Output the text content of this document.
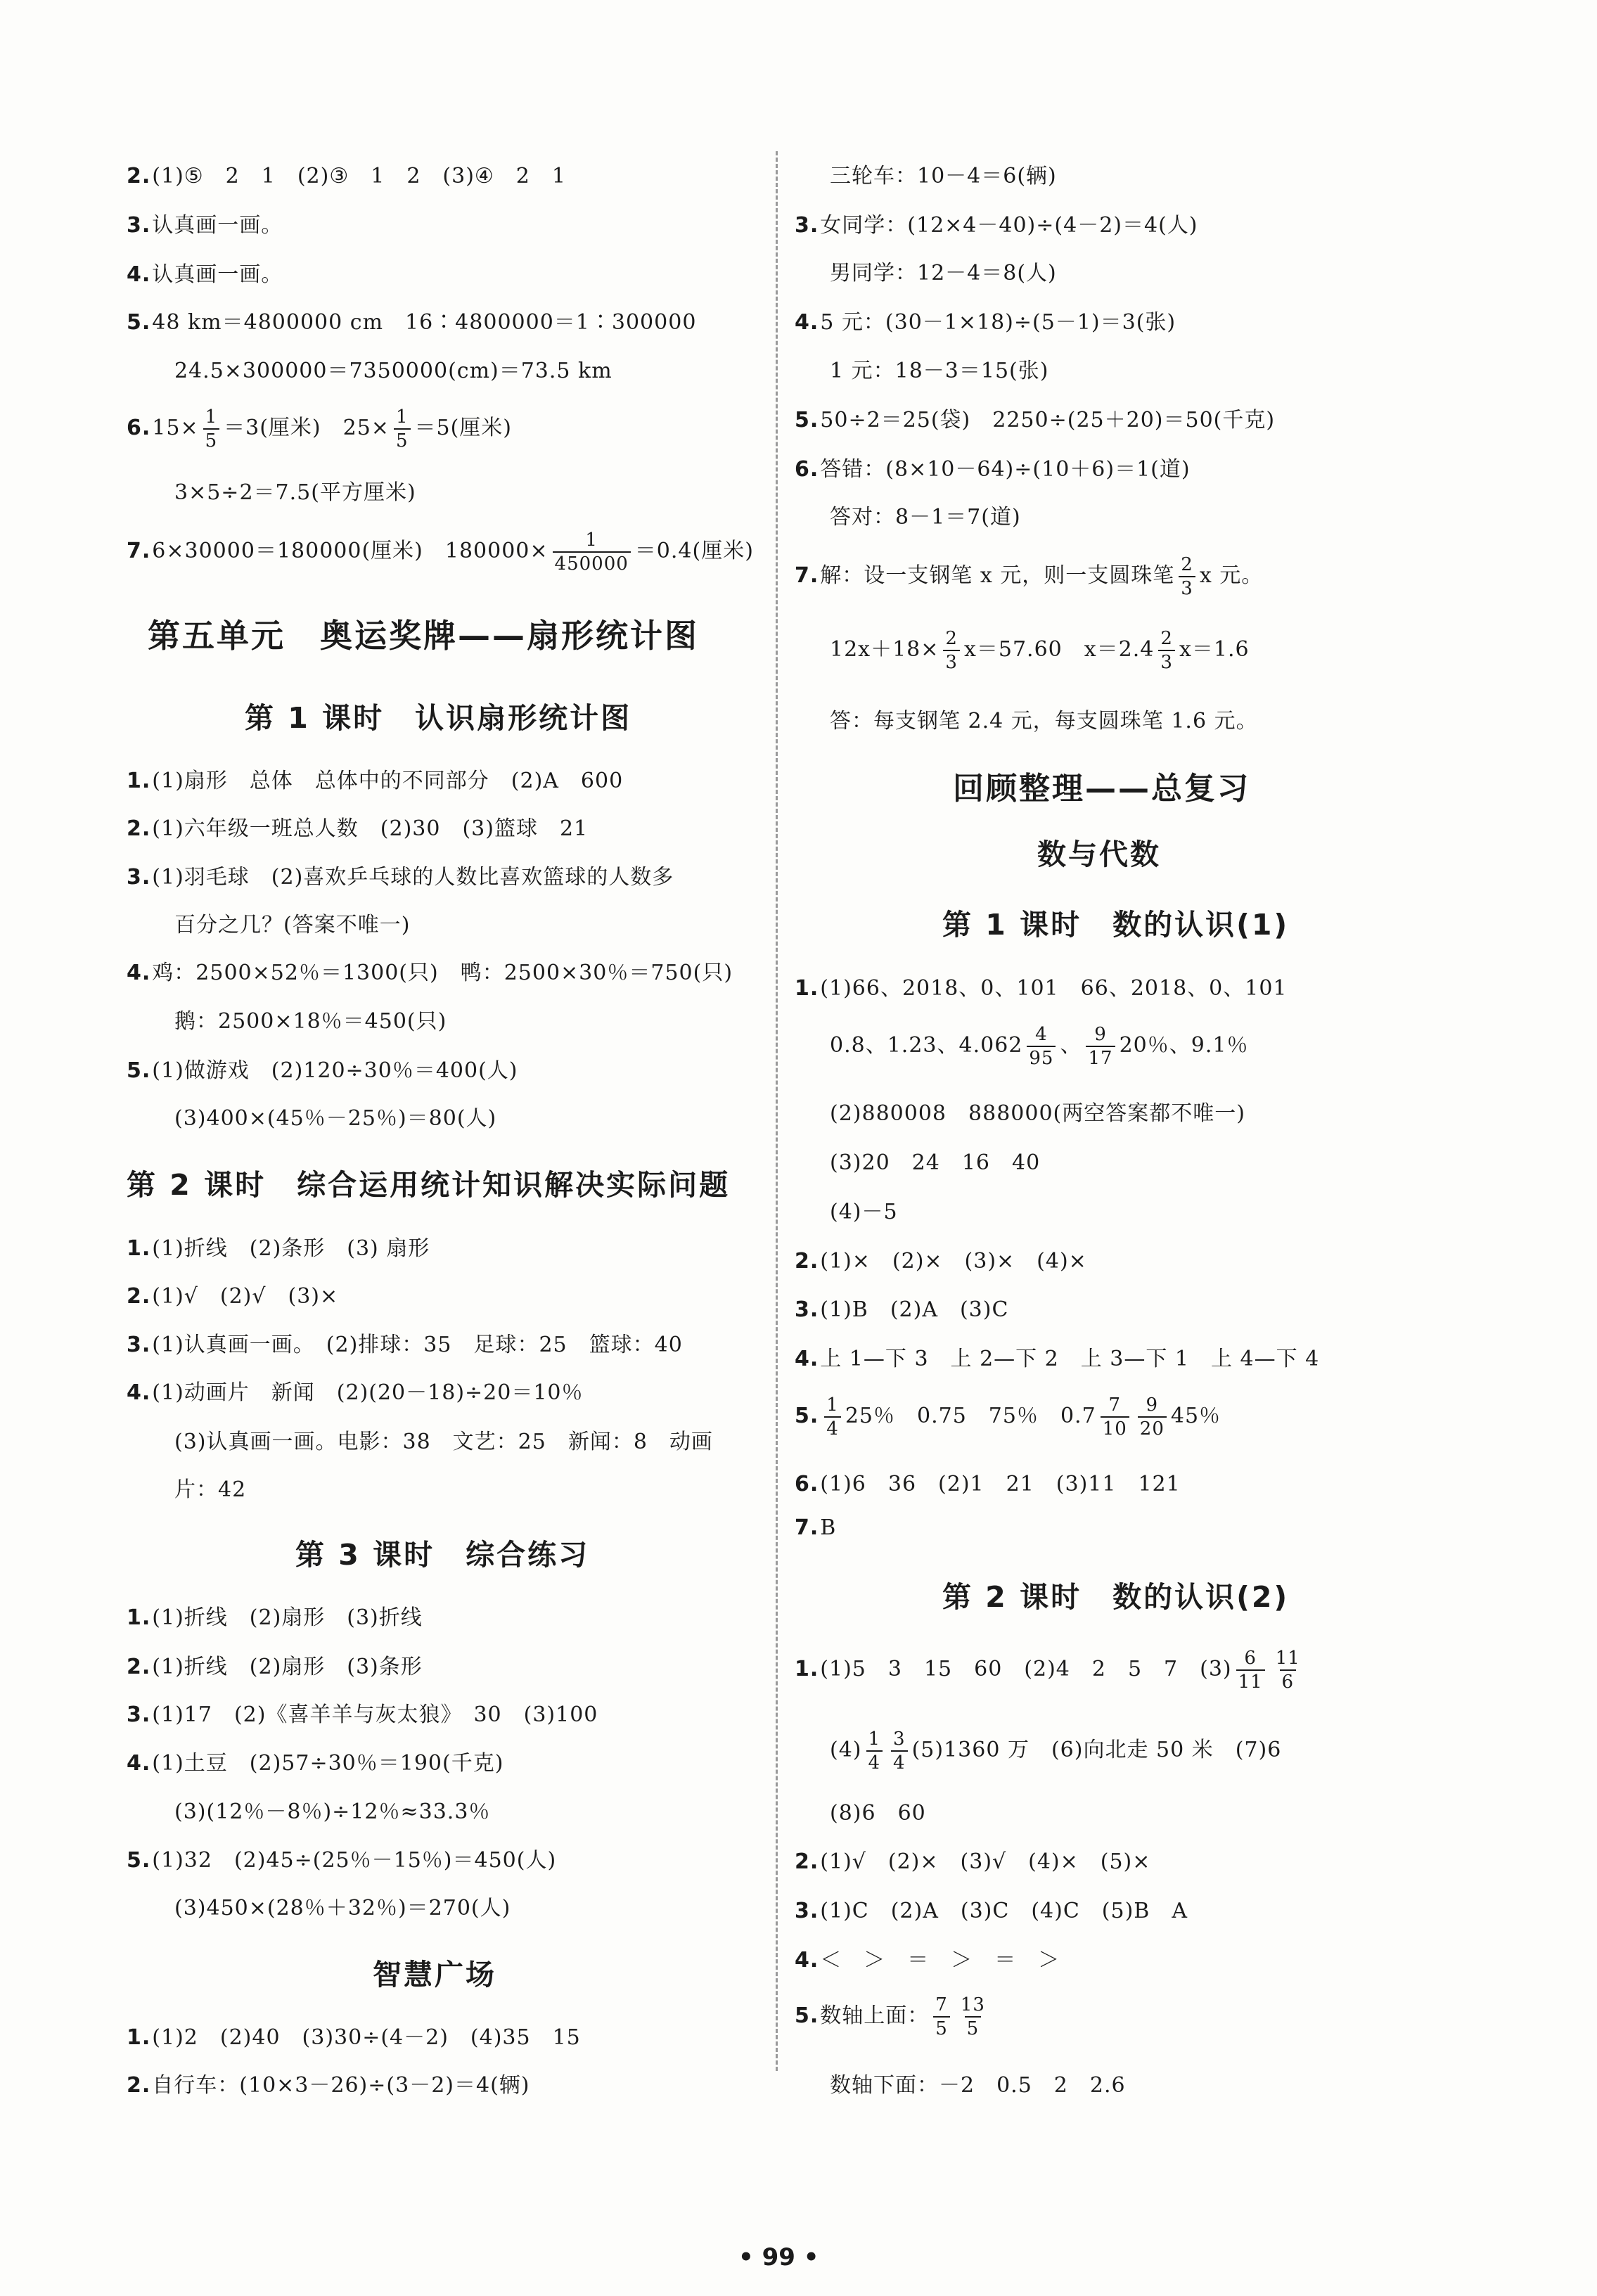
2.(1)⑤　2　1　(2)③　1　2　(3)④　2　1
3.认真画一画。
4.认真画一画。
5.48 km＝4800000 cm　16∶4800000＝1∶300000
24.5×300000＝7350000(cm)＝73.5 km
$6.15\times \frac{1}{5} =3$(厘米)　$25\times \frac{1}{5} =5$(厘米)
3×5÷2＝7.5(平方厘米)
7.6×30000＝180000(厘米)　$180000\times \frac{1}{450000} =0.4$(厘米)
第五单元　奥运奖牌——扇形统计图
第 1 课时　认识扇形统计图
1.(1)扇形　总体　总体中的不同部分　(2)A　600
2.(1)六年级一班总人数　(2)30　(3)篮球　21
3.(1)羽毛球　(2)喜欢乒乓球的人数比喜欢篮球的人数多
百分之几？(答案不唯一)
4.鸡：2500×52％＝1300(只)　鸭：2500×30％＝750(只)
鹅：2500×18％＝450(只)
5.(1)做游戏　(2)120÷30％＝400(人)
(3)400×(45％－25％)＝80(人)
第 2 课时　综合运用统计知识解决实际问题
1.(1)折线　(2)条形　(3) 扇形
2.(1)√　(2)√　(3)×
3.(1)认真画一画。　(2)排球：35　足球：25　篮球：40
4.(1)动画片　新闻　(2)(20－18)÷20＝10％
(3)认真画一画。电影：38　文艺：25　新闻：8　动画
片：42
第 3 课时　综合练习
1.(1)折线　(2)扇形　(3)折线
2.(1)折线　(2)扇形　(3)条形
3.(1)17　(2)《喜羊羊与灰太狼》　30　(3)100
4.(1)土豆　(2)57÷30％＝190(千克)
(3)(12％－8％)÷12％≈33.3％
5.(1)32　(2)45÷(25％－15％)＝450(人)
(3)450×(28％＋32％)＝270(人)
智慧广场
1.(1)2　(2)40　(3)30÷(4－2)　(4)35　15
2.自行车：(10×3－26)÷(3－2)＝4(辆)
三轮车：10－4＝6(辆)
3.女同学：(12×4－40)÷(4－2)＝4(人)
男同学：12－4＝8(人)
4.5 元：(30－1×18)÷(5－1)＝3(张)
1 元：18－3＝15(张)
5.50÷2＝25(袋)　2250÷(25＋20)＝50(千克)
6.答错：(8×10－64)÷(10＋6)＝1(道)
答对：8－1＝7(道)
7.解：设一支钢笔 x 元，则一支圆珠笔 $\frac{2}{3}$ x 元。
$12x+18\times \frac{2}{3} x=57.60$　$x=2.4 \frac{2}{3} x=1.6$
答：每支钢笔 2.4 元，每支圆珠笔 1.6 元。
回顾整理——总复习
数与代数
第 1 课时　数的认识(1)
1.(1)66、2018、0、101　66、2018、0、101
0.8、1.23、$4.062 \frac{4}{95}$ 、 $\frac{9}{17} 20$％、9.1％
(2)880008　888000(两空答案都不唯一)
(3)20　24　16　40
(4)－5
2.(1)×　(2)×　(3)×　(4)×
3.(1)B　(2)A　(3)C
4.上 1—下 3　上 2—下 2　上 3—下 1　上 4—下 4
5. $\frac{1}{4} 25$％　0.75　75％　$0.7 \frac{7}{10} \frac{9}{20} 45$％
6.(1)6　36　(2)1　21　(3)11　121
7.B
第 2 课时　数的认识(2)
1.(1)5　3　15　60　(2)4　2　5　7　$(3) \frac{6}{11} \frac{11}{6}$
$(4) \frac{1}{4} \frac{3}{4} (5)1360$ 万　(6)向北走 50 米　(7)6
(8)6　60
2.(1)√　(2)×　(3)√　(4)×　(5)×
3.(1)C　(2)A　(3)C　(4)C　(5)B　A
4.＜　＞　＝　＞　＝　＞
5.数轴上面： $\frac{7}{5} \frac{13}{5}$
数轴下面：－2　0.5　2　2.6
• 99 •
